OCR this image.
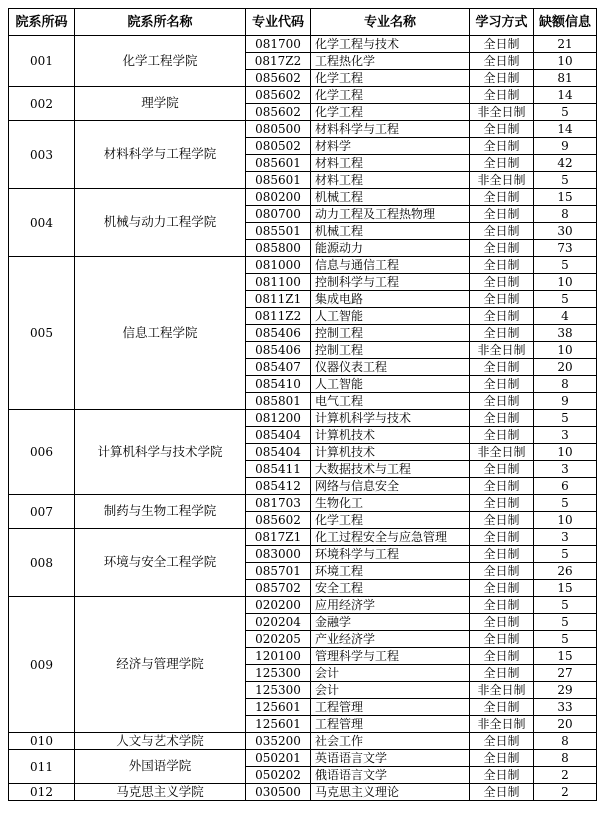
院系所码	院系所名称	专业代码	专业名称	学习方式	缺额信息
001	化学工程学院	081700	化学工程与技术	全日制	21
		0817Z2	工程热化学	全日制	10
		085602	化学工程	全日制	81
002	理学院	085602	化学工程	全日制	14
		085602	化学工程	非全日制	5
003	材料科学与工程学院	080500	材料科学与工程	全日制	14
		080502	材料学	全日制	9
		085601	材料工程	全日制	42
		085601	材料工程	非全日制	5
004	机械与动力工程学院	080200	机械工程	全日制	15
		080700	动力工程及工程热物理	全日制	8
		085501	机械工程	全日制	30
		085800	能源动力	全日制	73
005	信息工程学院	081000	信息与通信工程	全日制	5
		081100	控制科学与工程	全日制	10
		0811Z1	集成电路	全日制	5
		0811Z2	人工智能	全日制	4
		085406	控制工程	全日制	38
		085406	控制工程	非全日制	10
		085407	仪器仪表工程	全日制	20
		085410	人工智能	全日制	8
		085801	电气工程	全日制	9
006	计算机科学与技术学院	081200	计算机科学与技术	全日制	5
		085404	计算机技术	全日制	3
		085404	计算机技术	非全日制	10
		085411	大数据技术与工程	全日制	3
		085412	网络与信息安全	全日制	6
007	制药与生物工程学院	081703	生物化工	全日制	5
		085602	化学工程	全日制	10
008	环境与安全工程学院	0817Z1	化工过程安全与应急管理	全日制	3
		083000	环境科学与工程	全日制	5
		085701	环境工程	全日制	26
		085702	安全工程	全日制	15
009	经济与管理学院	020200	应用经济学	全日制	5
		020204	金融学	全日制	5
		020205	产业经济学	全日制	5
		120100	管理科学与工程	全日制	15
		125300	会计	全日制	27
		125300	会计	非全日制	29
		125601	工程管理	全日制	33
		125601	工程管理	非全日制	20
010	人文与艺术学院	035200	社会工作	全日制	8
011	外国语学院	050201	英语语言文学	全日制	8
		050202	俄语语言文学	全日制	2
012	马克思主义学院	030500	马克思主义理论	全日制	2
